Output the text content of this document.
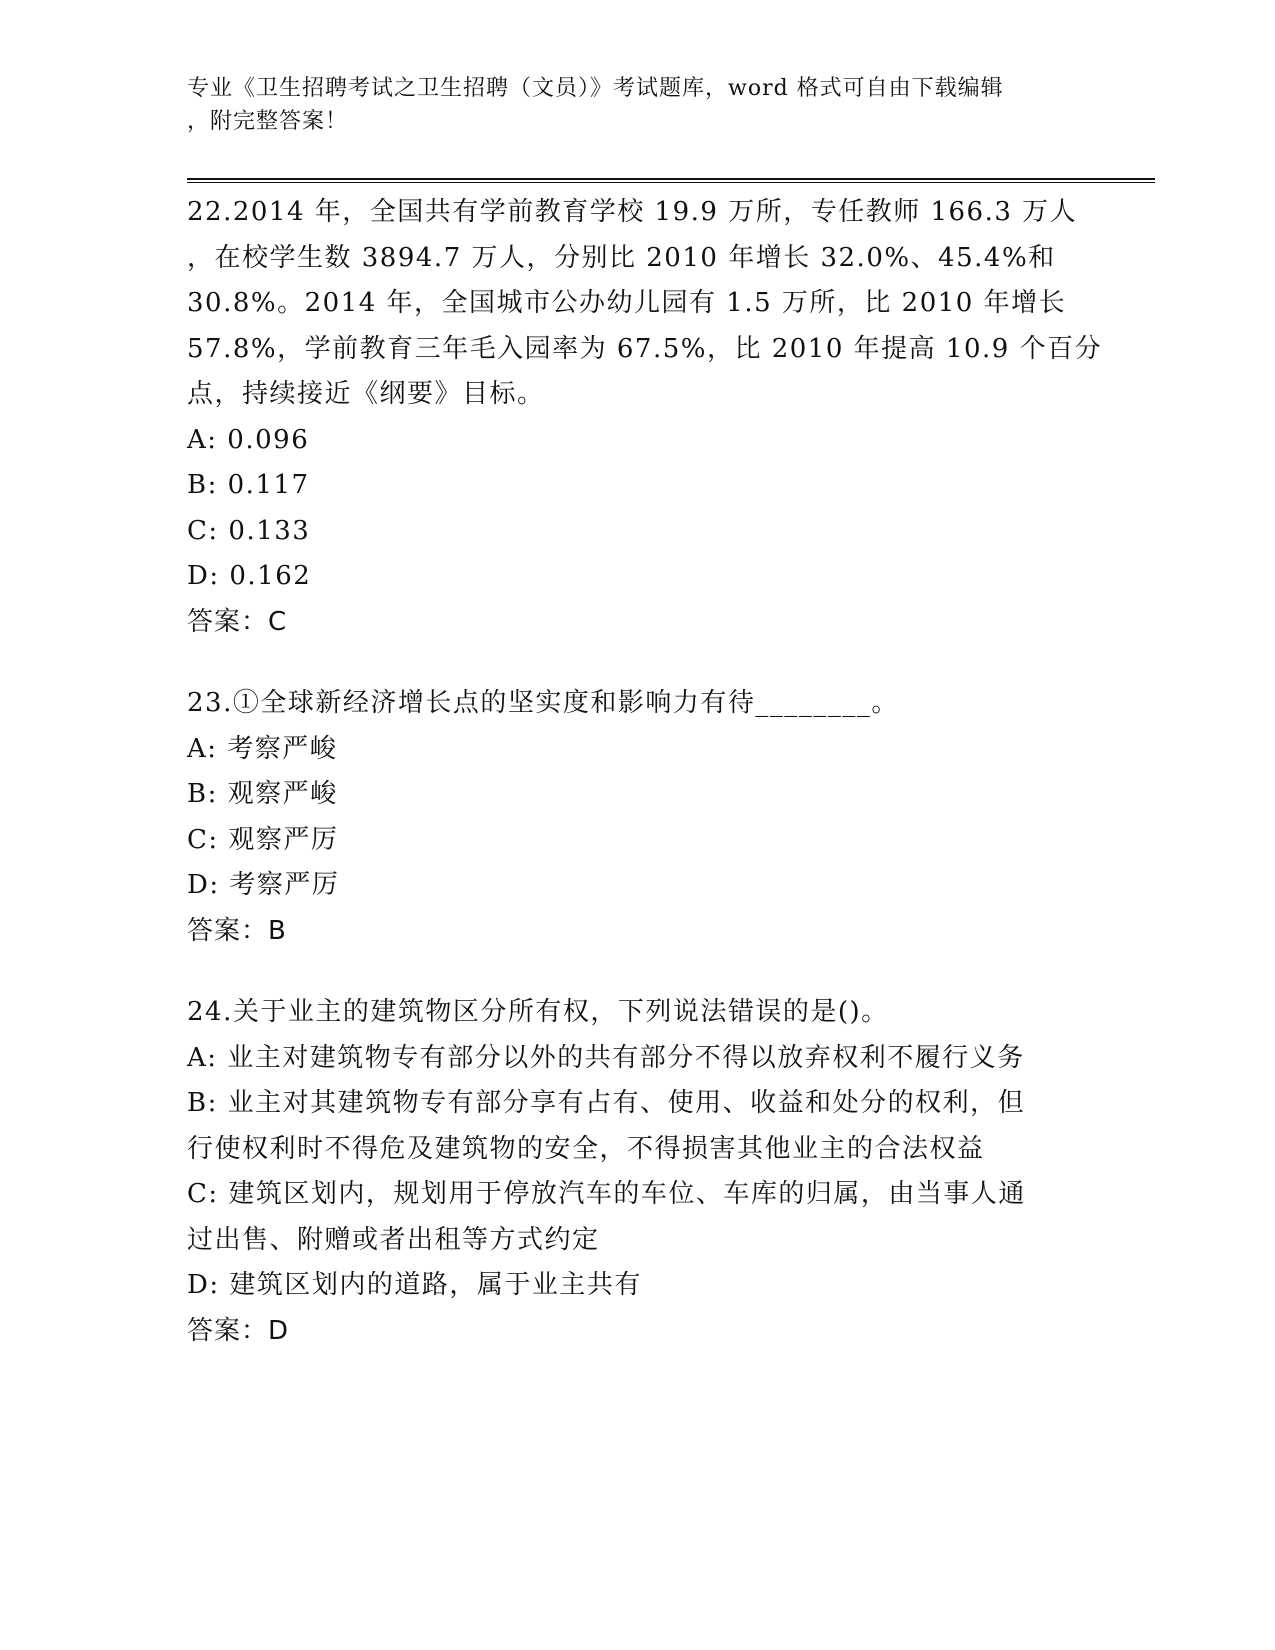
专业《卫生招聘考试之卫生招聘（文员）》考试题库，word 格式可自由下载编辑
，附完整答案！
22.2014 年，全国共有学前教育学校 19.9 万所，专任教师 166.3 万人
，在校学生数 3894.7 万人，分别比 2010 年增长 32.0%、45.4%和
30.8%。2014 年，全国城市公办幼儿园有 1.5 万所，比 2010 年增长
57.8%，学前教育三年毛入园率为 67.5%，比 2010 年提高 10.9 个百分
点，持续接近《纲要》目标。
A: 0.096
B: 0.117
C: 0.133
D: 0.162
答案：C
23.①全球新经济增长点的坚实度和影响力有待________。
A: 考察严峻
B: 观察严峻
C: 观察严厉
D: 考察严厉
答案：B
24.关于业主的建筑物区分所有权，下列说法错误的是()。
A: 业主对建筑物专有部分以外的共有部分不得以放弃权利不履行义务
B: 业主对其建筑物专有部分享有占有、使用、收益和处分的权利，但
行使权利时不得危及建筑物的安全，不得损害其他业主的合法权益
C: 建筑区划内，规划用于停放汽车的车位、车库的归属，由当事人通
过出售、附赠或者出租等方式约定
D: 建筑区划内的道路，属于业主共有
答案：D
